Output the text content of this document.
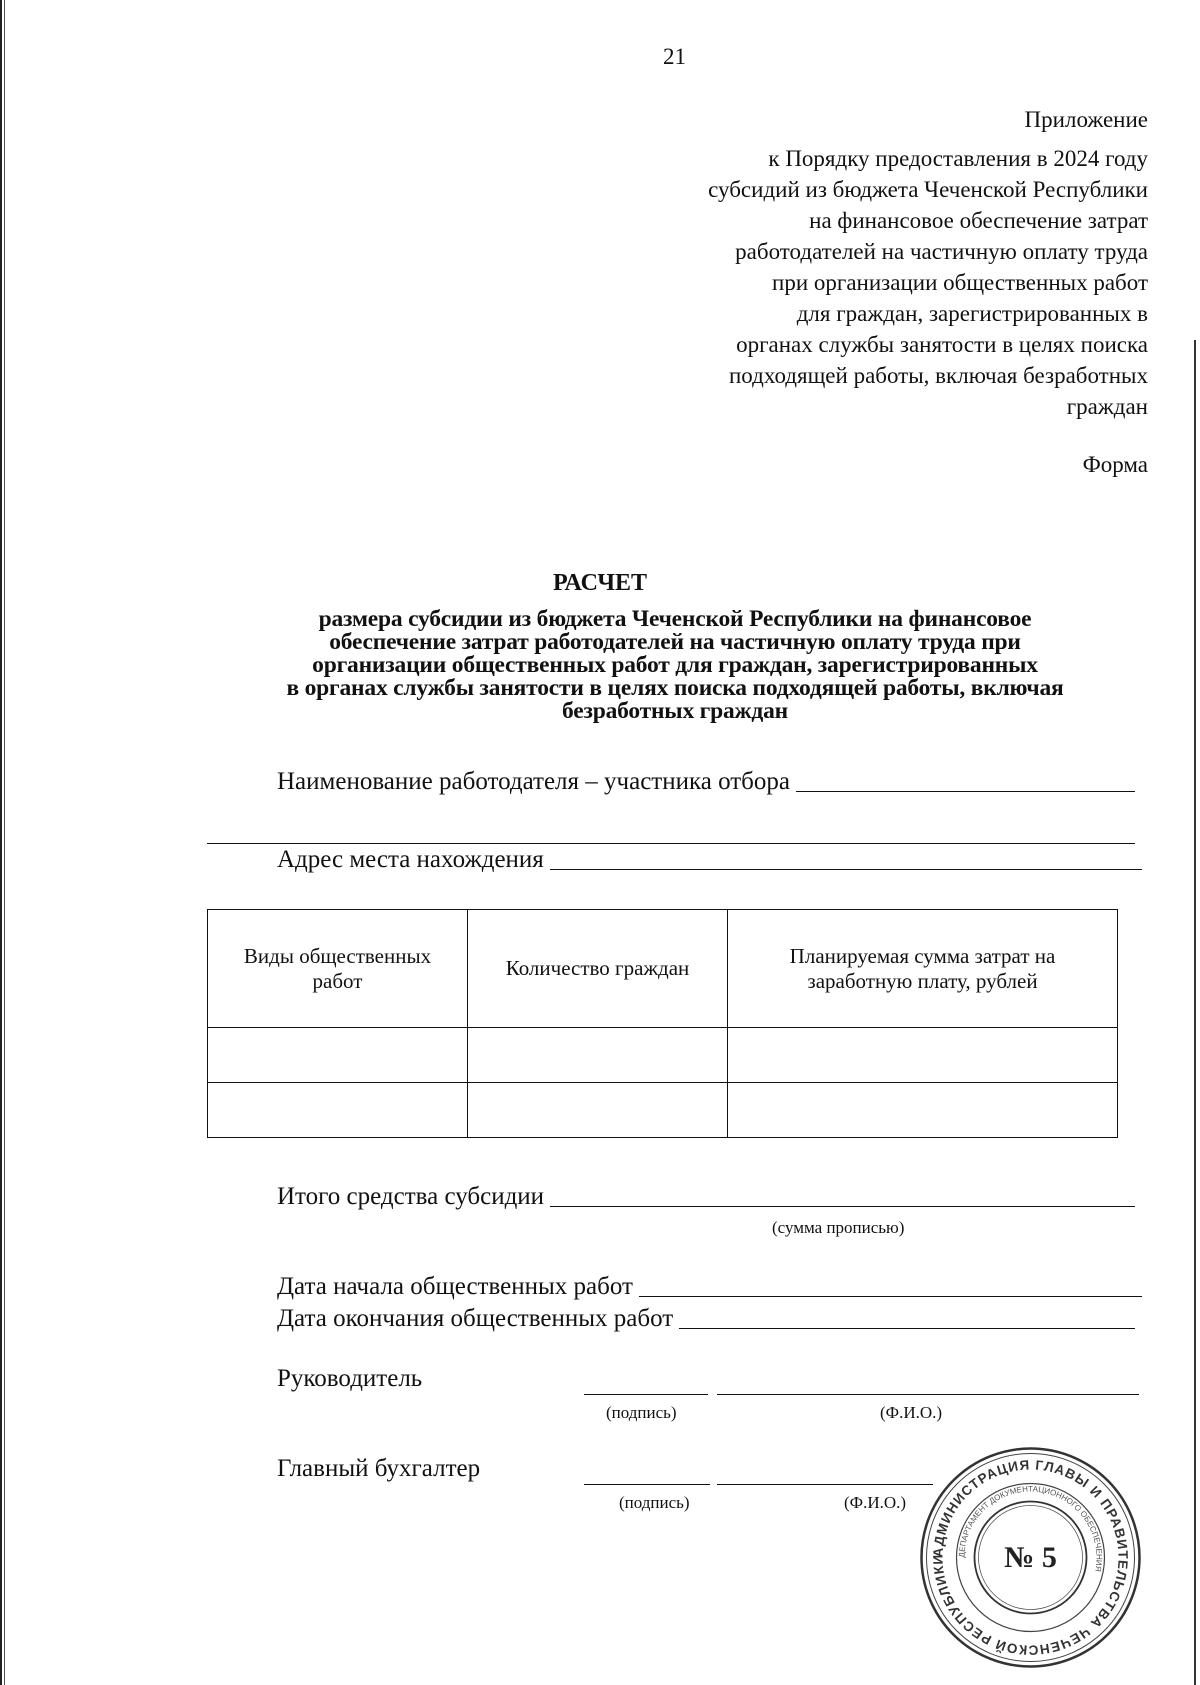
21
Приложение
к Порядку предоставления в 2024 году
субсидий из бюджета Чеченской Республики
на финансовое обеспечение затрат
работодателей на частичную оплату труда
при организации общественных работ
для граждан, зарегистрированных в
органах службы занятости в целях поиска
подходящей работы, включая безработных
граждан
Форма
РАСЧЕТ
размера субсидии из бюджета Чеченской Республики на финансовое
обеспечение затрат работодателей на частичную оплату труда при
организации общественных работ для граждан, зарегистрированных
в органах службы занятости в целях поиска подходящей работы, включая
безработных граждан
Наименование работодателя – участника отбора
Адрес места нахождения
Виды общественных работ	Количество граждан	Планируемая сумма затрат на заработную плату, рублей

Итого средства субсидии
(сумма прописью)
Дата начала общественных работ
Дата окончания общественных работ
Руководитель
(подпись)	(Ф.И.О.)
Главный бухгалтер
(подпись)	(Ф.И.О.)
АДМИНИСТРАЦИЯ ГЛАВЫ И ПРАВИТЕЛЬСТВА ЧЕЧЕНСКОЙ РЕСПУБЛИКИ	ДЕПАРТАМЕНТ ДОКУМЕНТАЦИОННОГО ОБЕСПЕЧЕНИЯ
№ 5
